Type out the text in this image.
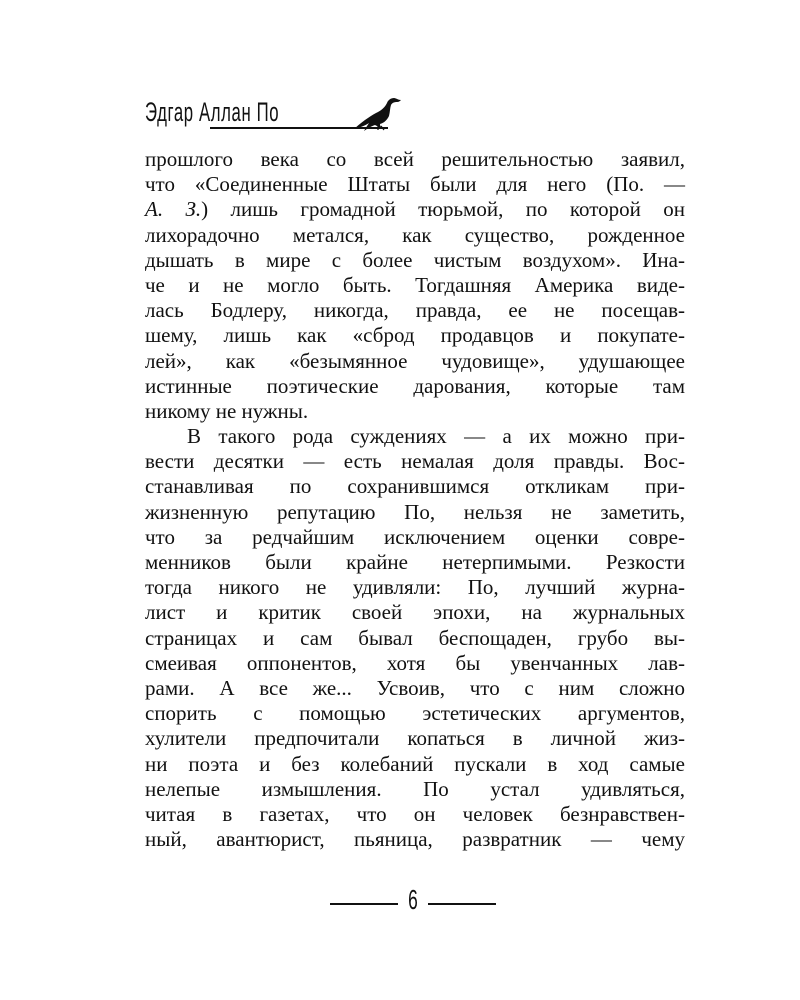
Эдгар Аллан По
прошлого века со всей решительностью заявил,
что «Соединенные Штаты были для него (По. —
А. З.) лишь громадной тюрьмой, по которой он
лихорадочно метался, как существо, рожденное
дышать в мире с более чистым воздухом». Ина-
че и не могло быть. Тогдашняя Америка виде-
лась Бодлеру, никогда, правда, ее не посещав-
шему, лишь как «сброд продавцов и покупате-
лей», как «безымянное чудовище», удушающее
истинные поэтические дарования, которые там
никому не нужны.
В такого рода суждениях — а их можно при-
вести десятки — есть немалая доля правды. Вос-
станавливая по сохранившимся откликам при-
жизненную репутацию По, нельзя не заметить,
что за редчайшим исключением оценки совре-
менников были крайне нетерпимыми. Резкости
тогда никого не удивляли: По, лучший журна-
лист и критик своей эпохи, на журнальных
страницах и сам бывал беспощаден, грубо вы-
смеивая оппонентов, хотя бы увенчанных лав-
рами. А все же... Усвоив, что с ним сложно
спорить с помощью эстетических аргументов,
хулители предпочитали копаться в личной жиз-
ни поэта и без колебаний пускали в ход самые
нелепые измышления. По устал удивляться,
читая в газетах, что он человек безнравствен-
ный, авантюрист, пьяница, развратник — чему
6
